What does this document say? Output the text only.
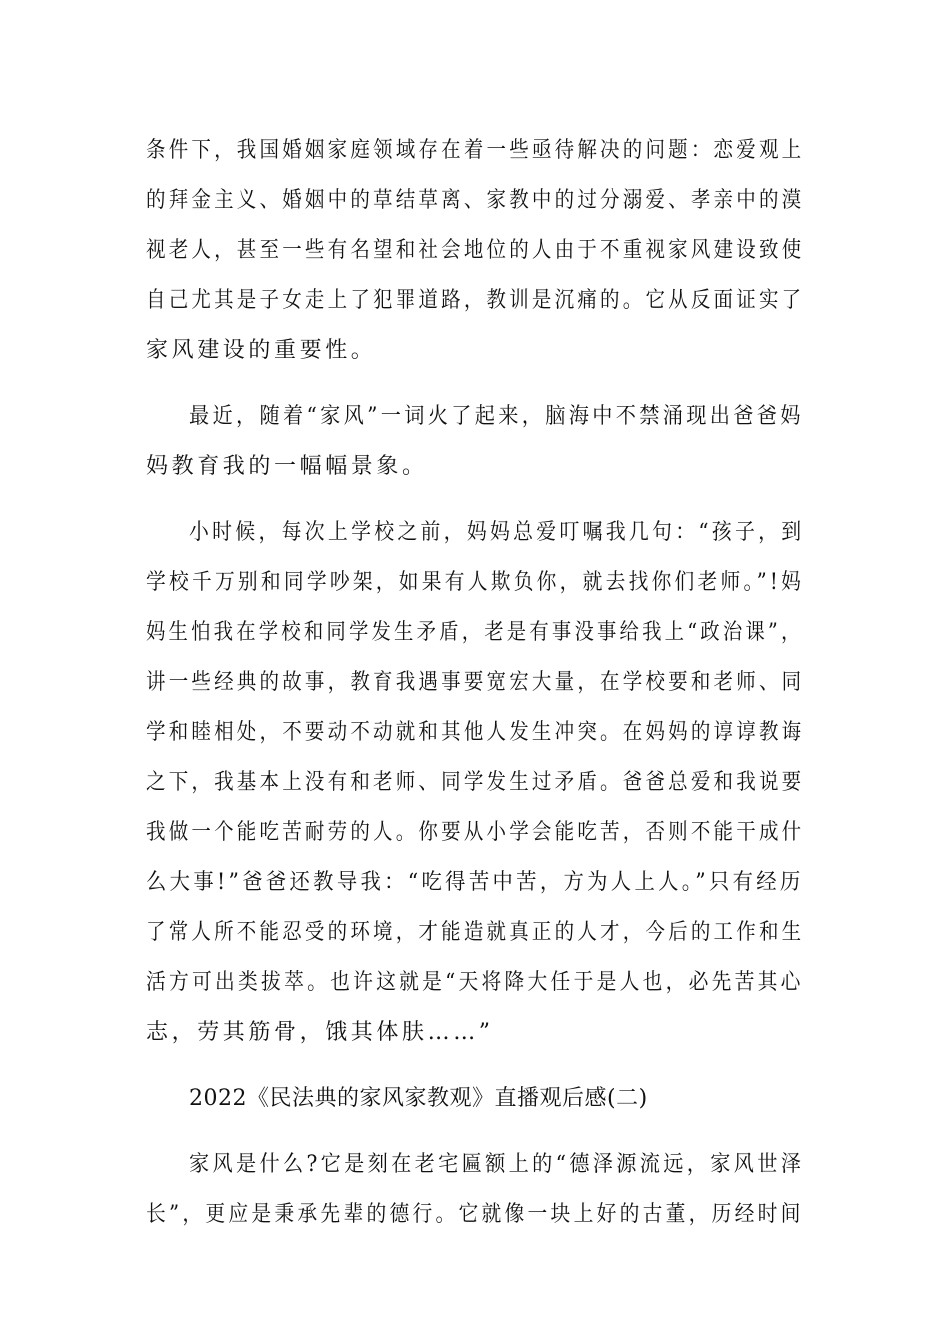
条件下，我国婚姻家庭领域存在着一些亟待解决的问题：恋爱观上
的拜金主义、婚姻中的草结草离、家教中的过分溺爱、孝亲中的漠
视老人，甚至一些有名望和社会地位的人由于不重视家风建设致使
自己尤其是子女走上了犯罪道路，教训是沉痛的。它从反面证实了
家风建设的重要性。
最近，随着“家风”一词火了起来，脑海中不禁涌现出爸爸妈
妈教育我的一幅幅景象。
小时候，每次上学校之前，妈妈总爱叮嘱我几句：“孩子，到
学校千万别和同学吵架，如果有人欺负你，就去找你们老师。”!妈
妈生怕我在学校和同学发生矛盾，老是有事没事给我上“政治课”，
讲一些经典的故事，教育我遇事要宽宏大量，在学校要和老师、同
学和睦相处，不要动不动就和其他人发生冲突。在妈妈的谆谆教诲
之下，我基本上没有和老师、同学发生过矛盾。爸爸总爱和我说要
我做一个能吃苦耐劳的人。你要从小学会能吃苦，否则不能干成什
么大事!”爸爸还教导我：“吃得苦中苦，方为人上人。”只有经历
了常人所不能忍受的环境，才能造就真正的人才，今后的工作和生
活方可出类拔萃。也许这就是“天将降大任于是人也，必先苦其心
志，劳其筋骨，饿其体肤……”
2022《民法典的家风家教观》直播观后感(二)
家风是什么?它是刻在老宅匾额上的“德泽源流远，家风世泽
长”，更应是秉承先辈的德行。它就像一块上好的古董，历经时间
